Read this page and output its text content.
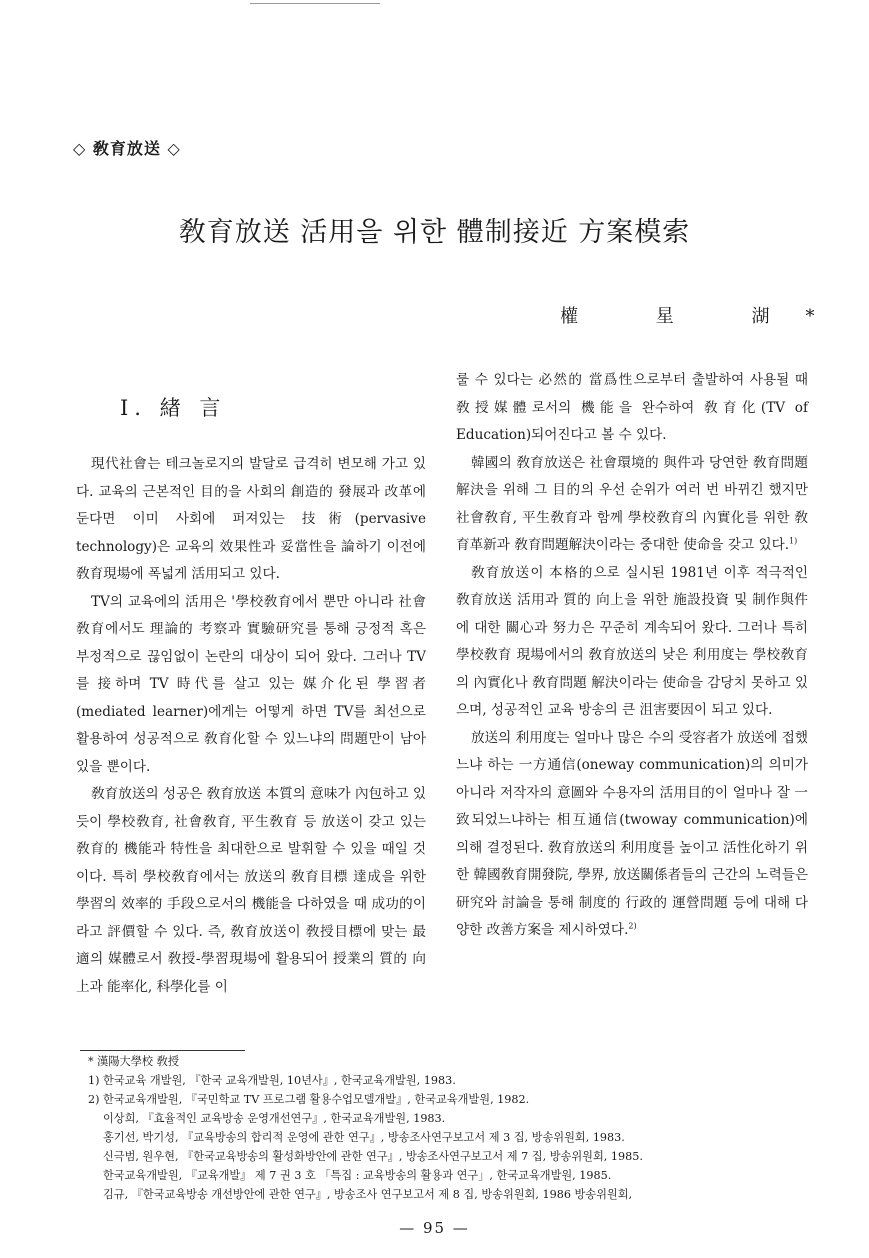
◇ 敎育放送 ◇
敎育放送 活用을 위한 體制接近 方案模索
權 星 湖*
Ⅰ. 緖 言

現代社會는 테크놀로지의 발달로 급격히 변모해 가고 있다. 교육의 근본적인 目的을 사회의 創造的 發展과 改革에 둔다면 이미 사회에 퍼져있는 技術(pervasive technology)은 교육의 效果性과 妥當性을 論하기 이전에 敎育現場에 폭넓게 活用되고 있다.

TV의 교육에의 活用은 '學校敎育에서 뿐만 아니라 社會敎育에서도 理論的 考察과 實驗研究를 통해 긍정적 혹은 부정적으로 끊임없이 논란의 대상이 되어 왔다. 그러나 TV를 接하며 TV 時代를 살고 있는 媒介化된 學習者(mediated learner)에게는 어떻게 하면 TV를 최선으로 활용하여 성공적으로 敎育化할 수 있느냐의 問題만이 남아 있을 뿐이다.

敎育放送의 성공은 敎育放送 本質의 意味가 內包하고 있듯이 學校敎育, 社會敎育, 平生敎育 등 放送이 갖고 있는 敎育的 機能과 特性을 최대한으로 발휘할 수 있을 때일 것이다. 특히 學校敎育에서는 放送의 敎育目標 達成을 위한 學習의 效率的 手段으로서의 機能을 다하였을 때 成功的이라고 評價할 수 있다. 즉, 敎育放送이 敎授目標에 맞는 最適의 媒體로서 敎授-學習現場에 활용되어 授業의 質的 向上과 能率化, 科學化를 이

룰 수 있다는 必然的 當爲性으로부터 출발하여 사용될 때 敎授媒體로서의 機能을 완수하여 敎育化(TV of Education)되어진다고 볼 수 있다.

韓國의 敎育放送은 社會環境的 與件과 당연한 敎育問題 解決을 위해 그 目的의 우선 순위가 여러 번 바뀌긴 했지만 社會敎育, 平生敎育과 함께 學校敎育의 內實化를 위한 敎育革新과 敎育問題解決이라는 중대한 使命을 갖고 있다.$^{1)}$

敎育放送이 本格的으로 실시된 1981년 이후 적극적인 敎育放送 活用과 質的 向上을 위한 施設投資 및 制作與件에 대한 關心과 努力은 꾸준히 계속되어 왔다. 그러나 특히 學校敎育 現場에서의 敎育放送의 낮은 利用度는 學校敎育의 內實化나 敎育問題 解決이라는 使命을 감당치 못하고 있으며, 성공적인 교육 방송의 큰 沮害要因이 되고 있다.

放送의 利用度는 얼마나 많은 수의 受容者가 放送에 접했느냐 하는 一方通信(oneway communication)의 의미가 아니라 저작자의 意圖와 수용자의 活用目的이 얼마나 잘 一致되었느냐하는 相互通信(twoway communication)에 의해 결정된다. 敎育放送의 利用度를 높이고 活性化하기 위한 韓國敎育開發院, 學界, 放送關係者들의 근간의 노력들은 研究와 討論을 통해 制度的 行政的 運營問題 등에 대해 다양한 改善方案을 제시하였다.$^{2)}$

* 漢陽大學校 敎授
1) 한국교육 개발원, 『한국 교육개발원, 10년사』, 한국교육개발원, 1983.
2) 한국교육개발원, 『국민학교 TV 프로그램 활용수업모델개발』, 한국교육개발원, 1982.
이상희, 『효율적인 교육방송 운영개선연구』, 한국교육개발원, 1983.
홍기선, 박기성, 『교육방송의 합리적 운영에 관한 연구』, 방송조사연구보고서 제 3 집, 방송위원회, 1983.
신극범, 원우현, 『한국교육방송의 활성화방안에 관한 연구』, 방송조사연구보고서 제 7 집, 방송위원회, 1985.
한국교육개발원, 『교육개발』 제 7 권 3 호 「특집 : 교육방송의 활용과 연구」, 한국교육개발원, 1985.
김규, 『한국교육방송 개선방안에 관한 연구』, 방송조사 연구보고서 제 8 집, 방송위원회, 1986 방송위원회,
— 95 —
